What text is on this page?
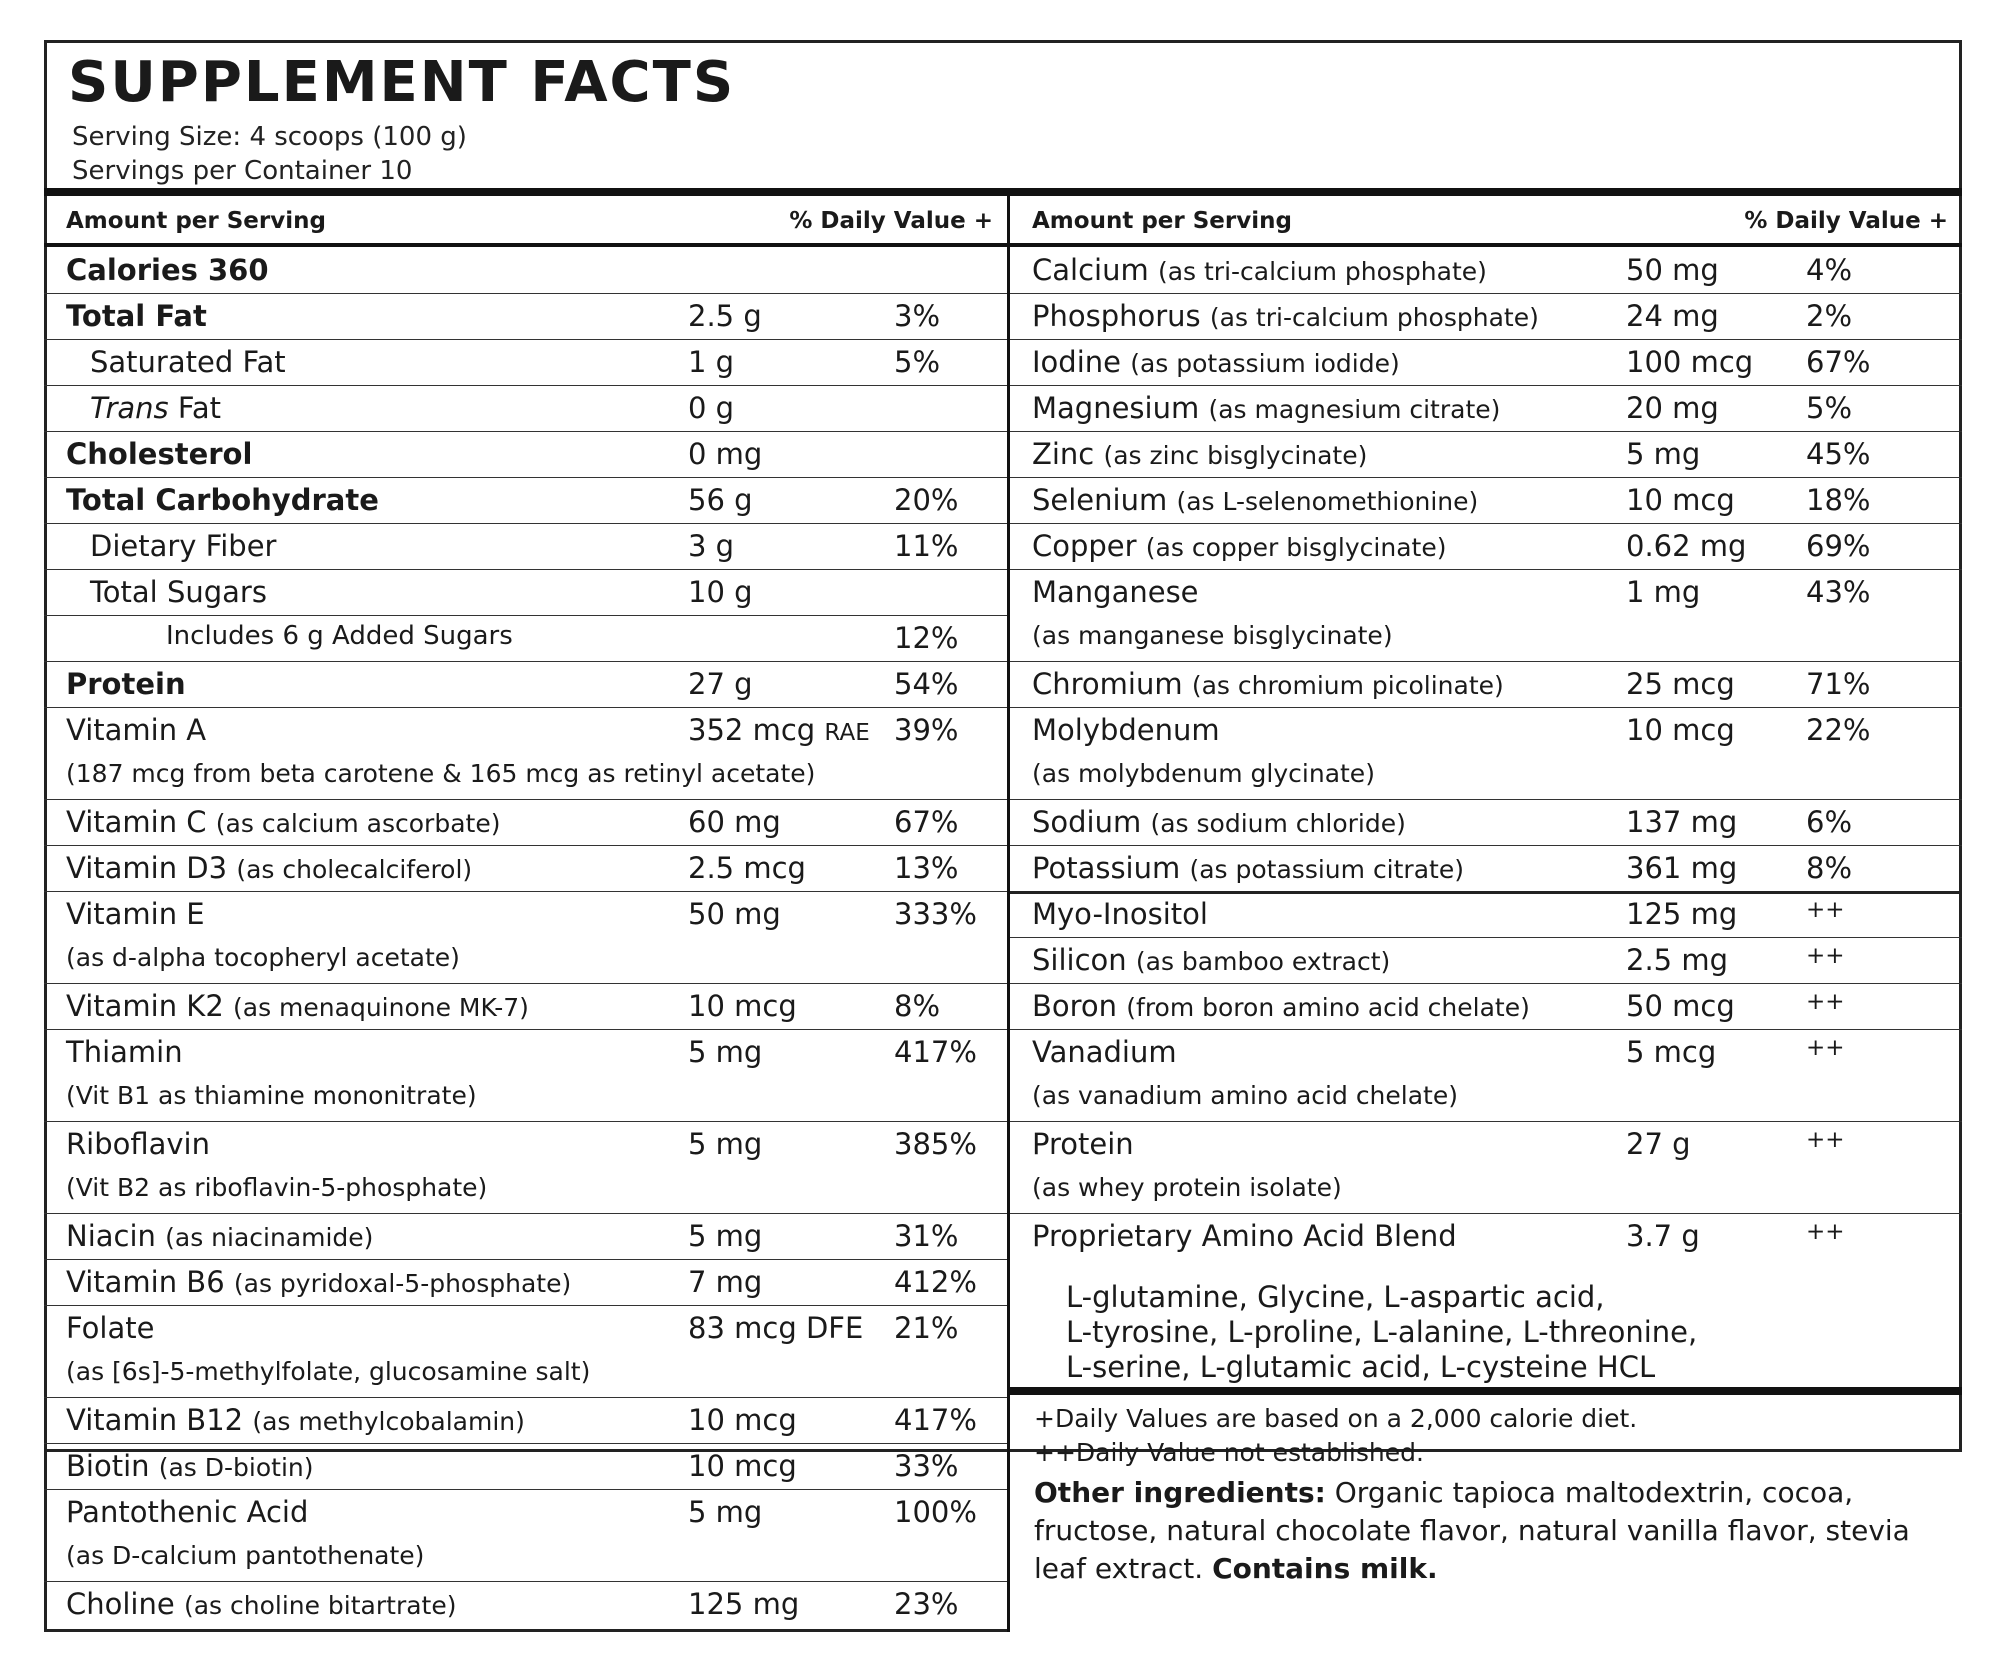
SUPPLEMENT FACTS
Serving Size: 4 scoops (100 g)
Servings per Container 10
Amount per Serving	% Daily Value + Amount per Serving	% Daily Value +
Calories 360
Total Fat	2.5 g	3%
Saturated Fat	1 g	5%
Trans Fat	0 g
Cholesterol	0 mg
Total Carbohydrate	56 g	20%
Dietary Fiber	3 g	11%
Total Sugars	10 g
Includes 6 g Added Sugars	12%
Protein	27 g	54%
Vitamin A	352 mcg RAE 39%
(187 mcg from beta carotene & 165 mcg as retinyl acetate)
Vitamin C (as calcium ascorbate)	60 mg	67%
Vitamin D3 (as cholecalciferol)	2.5 mcg	13%
Vitamin E	50 mg	333%
(as d-alpha tocopheryl acetate)
Vitamin K2 (as menaquinone MK-7)	10 mcg	8%
Thiamin	5 mg	417%
(Vit B1 as thiamine mononitrate)
Riboflavin	5 mg	385%
(Vit B2 as riboflavin-5-phosphate)
Niacin (as niacinamide)	5 mg	31%
Vitamin B6 (as pyridoxal-5-phosphate)	7 mg	412%
Folate	83 mcg DFE 21%
(as [6s]-5-methylfolate, glucosamine salt)
Vitamin B12 (as methylcobalamin)	10 mcg	417%
Biotin (as D-biotin)	10 mcg	33%
Pantothenic Acid	5 mg	100%
(as D-calcium pantothenate)
Choline (as choline bitartrate)	125 mg	23%
Calcium (as tri-calcium phosphate)	50 mg	4%
Phosphorus (as tri-calcium phosphate)	24 mg	2%
Iodine (as potassium iodide)	100 mcg 67%
Magnesium (as magnesium citrate)	20 mg	5%
Zinc (as zinc bisglycinate)	5 mg	45%
Selenium (as L-selenomethionine)	10 mcg 18%
Copper (as copper bisglycinate)	0.62 mg 69%
Manganese	1 mg	43%
(as manganese bisglycinate)
Chromium (as chromium picolinate)	25 mcg 71%
Molybdenum	10 mcg 22%
(as molybdenum glycinate)
Sodium (as sodium chloride)	137 mg 6%
Potassium (as potassium citrate)	361 mg 8%
Myo-Inositol	125 mg	++
Silicon (as bamboo extract)	2.5 mg	++
Boron (from boron amino acid chelate)	50 mcg	++
Vanadium	5 mcg	++
(as vanadium amino acid chelate)
Protein	27 g	++
(as whey protein isolate)
Proprietary Amino Acid Blend	3.7 g	++
L-glutamine, Glycine, L-aspartic acid,
L-tyrosine, L-proline, L-alanine, L-threonine,
L-serine, L-glutamic acid, L-cysteine HCL
+Daily Values are based on a 2,000 calorie diet.
++Daily Value not established.
Other ingredients: Organic tapioca maltodextrin, cocoa, fructose, natural chocolate flavor, natural vanilla flavor, stevia leaf extract. Contains milk.
